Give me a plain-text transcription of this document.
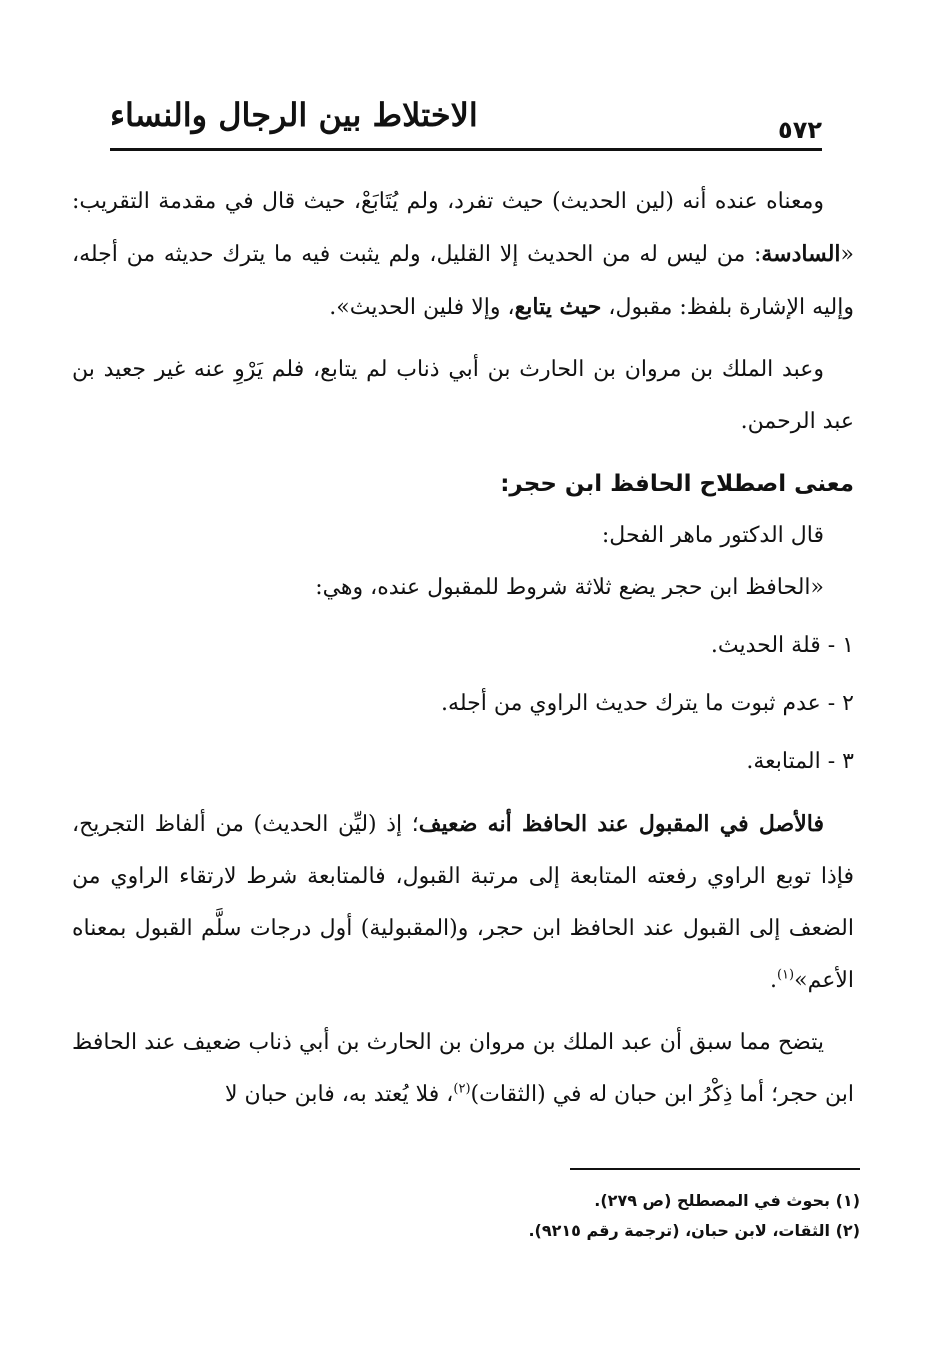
الاختلاط بين الرجال والنساء	٥٧٢

ومعناه عنده أنه (لين الحديث) حيث تفرد، ولم يُتَابَعْ، حيث قال في مقدمة التقريب: «السادسة: من ليس له من الحديث إلا القليل، ولم يثبت فيه ما يترك حديثه من أجله، وإليه الإشارة بلفظ: مقبول، حيث يتابع، وإلا فلين الحديث».

وعبد الملك بن مروان بن الحارث بن أبي ذناب لم يتابع، فلم يَرْوِ عنه غير جعيد بن عبد الرحمن.

معنى اصطلاح الحافظ ابن حجر:

قال الدكتور ماهر الفحل:

«الحافظ ابن حجر يضع ثلاثة شروط للمقبول عنده، وهي:

١ - قلة الحديث.

٢ - عدم ثبوت ما يترك حديث الراوي من أجله.

٣ - المتابعة.

فالأصل في المقبول عند الحافظ أنه ضعيف؛ إذ (ليِّن الحديث) من ألفاظ التجريح، فإذا توبع الراوي رفعته المتابعة إلى مرتبة القبول، فالمتابعة شرط لارتقاء الراوي من الضعف إلى القبول عند الحافظ ابن حجر، و(المقبولية) أول درجات سلَّم القبول بمعناه الأعم»$^{(١)}$.

يتضح مما سبق أن عبد الملك بن مروان بن الحارث بن أبي ذناب ضعيف عند الحافظ ابن حجر؛ أما ذِكْرُ ابن حبان له في (الثقات)$^{(٢)}$، فلا يُعتد به، فابن حبان لا

(١) بحوث في المصطلح (ص ٢٧٩).

(٢) الثقات، لابن حبان، (ترجمة رقم ٩٢١٥).
